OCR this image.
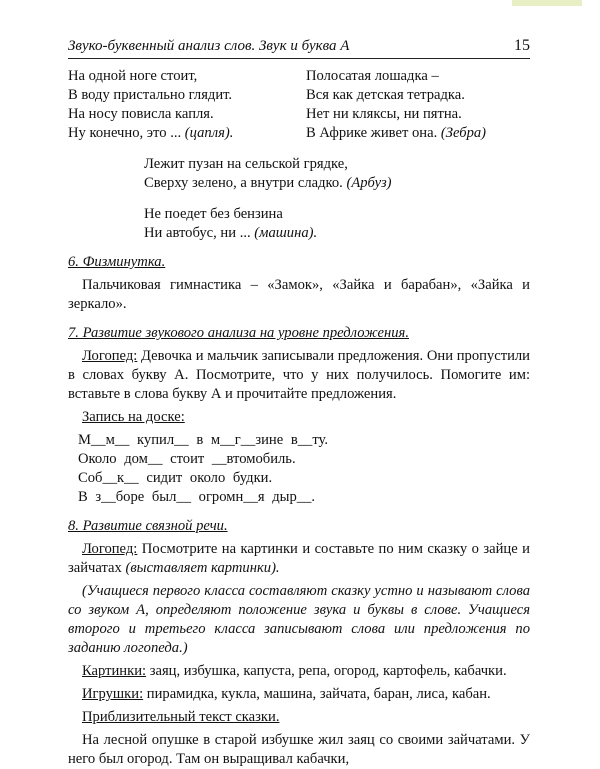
Звуко-буквенный анализ слов. Звук и буква А	15
На одной ноге стоит,
В воду пристально глядит.
На носу повисла капля.
Ну конечно, это ... (цапля).
Полосатая лошадка –
Вся как детская тетрадка.
Нет ни кляксы, ни пятна.
В Африке живет она. (Зебра)
Лежит пузан на сельской грядке,
Сверху зелено, а внутри сладко. (Арбуз)
Не поедет без бензина
Ни автобус, ни ... (машина).
6. Физминутка.
Пальчиковая гимнастика – «Замок», «Зайка и барабан», «Зайка и зеркало».
7. Развитие звукового анализа на уровне предложения.
Логопед: Девочка и мальчик записывали предложения. Они пропустили в словах букву А. Посмотрите, что у них получилось. Помогите им: вставьте в слова букву А и прочитайте предложения.
Запись на доске:
М__м__ купил__ в м__г__зине в__ту.
Около дом__ стоит __втомобиль.
Соб__к__ сидит около будки.
В з__боре был__ огромн__я дыр__.
8. Развитие связной речи.
Логопед: Посмотрите на картинки и составьте по ним сказку о зайце и зайчатах (выставляет картинки).
(Учащиеся первого класса составляют сказку устно и называют слова со звуком А, определяют положение звука и буквы в слове. Учащиеся второго и третьего класса записывают слова или предложения по заданию логопеда.)
Картинки: заяц, избушка, капуста, репа, огород, картофель, кабачки.
Игрушки: пирамидка, кукла, машина, зайчата, баран, лиса, кабан.
Приблизительный текст сказки.
На лесной опушке в старой избушке жил заяц со своими зайчатами. У него был огород. Там он выращивал кабачки,
